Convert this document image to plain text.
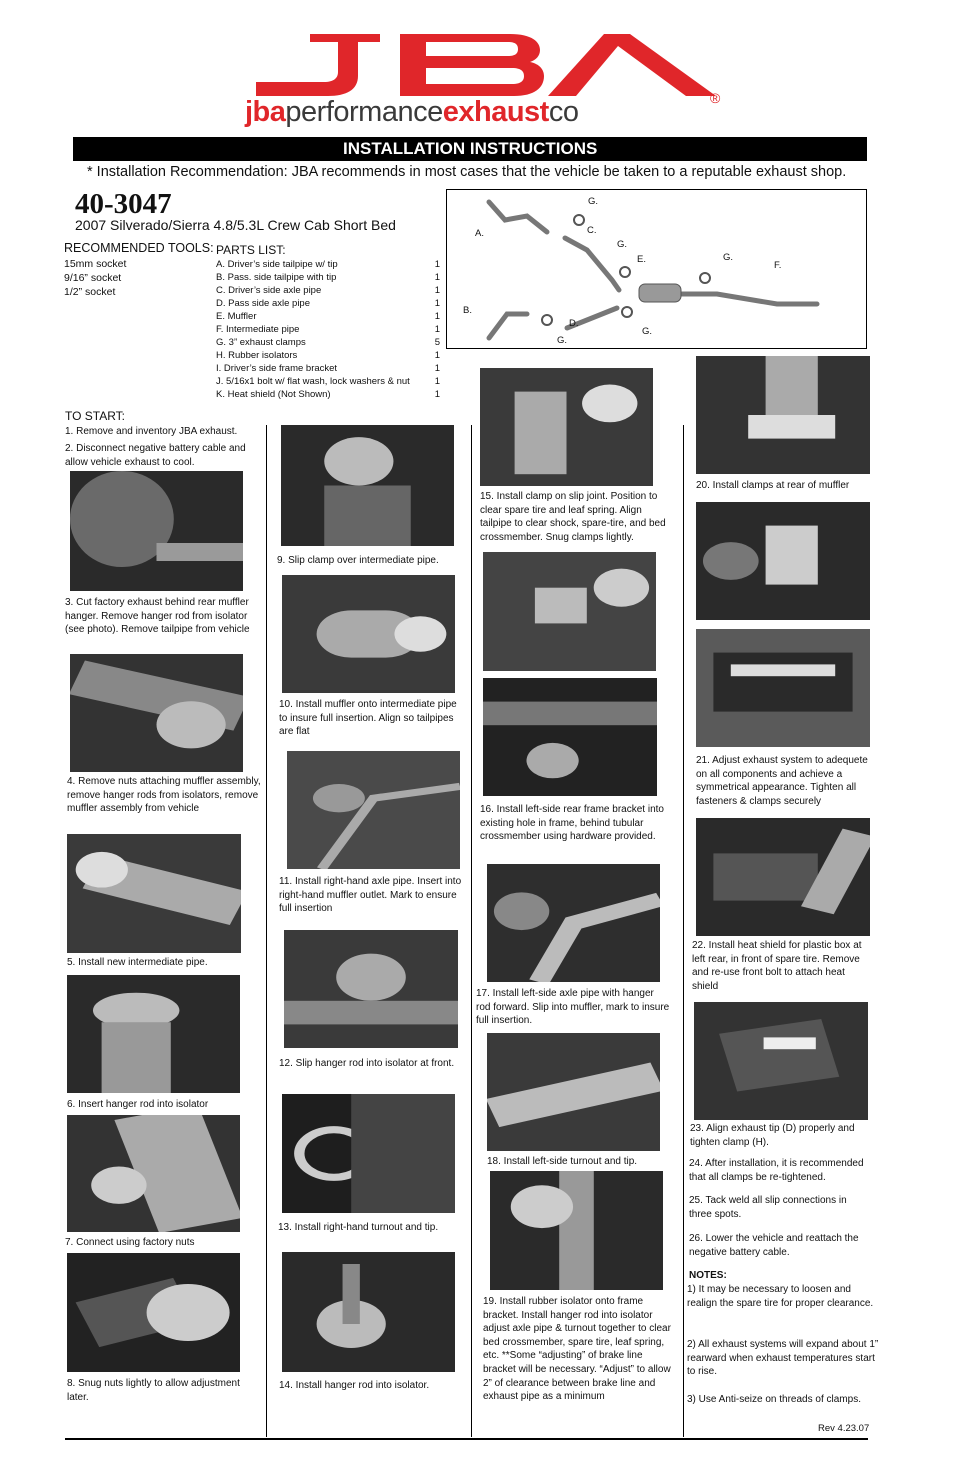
jbaperformanceexhaustco	®
INSTALLATION INSTRUCTIONS
* Installation Recommendation: JBA recommends in most cases that the vehicle be taken to a reputable exhaust shop.
40-3047
2007 Silverado/Sierra 4.8/5.3L Crew Cab Short Bed
RECOMMENDED TOOLS:
15mm socket
9/16” socket
1/2” socket
PARTS LIST:
A. Driver’s side tailpipe w/ tip	1
B. Pass. side tailpipe with tip	1
C. Driver’s side axle pipe	1
D. Pass side axle pipe	1
E. Muffler	1
F. Intermediate pipe	1
G. 3” exhaust clamps	5
H. Rubber isolators	1
I. Driver’s side frame bracket	1
J. 5/16x1 bolt w/ flat wash, lock washers & nut	1
K. Heat shield (Not Shown)	1
A.
B.
C.
D.
E.
F.
G.
G.
G.
G.
G.
TO START:
1. Remove and inventory JBA exhaust.
2. Disconnect negative battery cable and allow vehicle exhaust to cool.
3. Cut factory exhaust behind rear muffler hanger. Remove hanger rod from isolator (see photo). Remove tailpipe from vehicle
4. Remove nuts attaching muffler assembly, remove hanger rods from isolators, remove muffler assembly from vehicle
5. Install new intermediate pipe.
6. Insert hanger rod into isolator
7. Connect using factory nuts
8. Snug nuts lightly to allow adjustment later.
9. Slip clamp over intermediate pipe.
10. Install muffler onto intermediate pipe to insure full insertion. Align so tailpipes are flat
11. Install right-hand axle pipe. Insert into right-hand muffler outlet. Mark to ensure full insertion
12. Slip hanger rod into isolator at front.
13. Install right-hand turnout and tip.
14. Install hanger rod into isolator.
15. Install clamp on slip joint. Position to clear spare tire and leaf spring. Align tailpipe to clear shock, spare-tire, and bed crossmember. Snug clamps lightly.
16. Install left-side rear frame bracket into existing hole in frame, behind tubular crossmember using hardware provided.
17. Install left-side axle pipe with hanger rod forward. Slip into muffler, mark to insure full insertion.
18. Install left-side turnout and tip.
19. Install rubber isolator onto frame bracket. Install hanger rod into isolator adjust axle pipe & turnout together to clear bed crossmember, spare tire, leaf spring, etc. **Some “adjusting” of brake line bracket will be necessary. “Adjust” to allow 2” of clearance between brake line and exhaust pipe as a minimum
20. Install clamps at rear of muffler
21. Adjust exhaust system to adequete on all components and achieve a symmetrical appearance. Tighten all fasteners & clamps securely
22. Install heat shield for plastic box at left rear, in front of spare tire. Remove and re-use front bolt to attach heat shield
23. Align exhaust tip (D) properly and tighten clamp (H).
24. After installation, it is recommended that all clamps be re-tightened.
25. Tack weld all slip connections in three spots.
26. Lower the vehicle and reattach the negative battery cable.
NOTES:
1) It may be necessary to loosen and realign the spare tire for proper clearance.
2) All exhaust systems will expand about 1” rearward when exhaust temperatures start to rise.
3) Use Anti-seize on threads of clamps.
Rev 4.23.07
